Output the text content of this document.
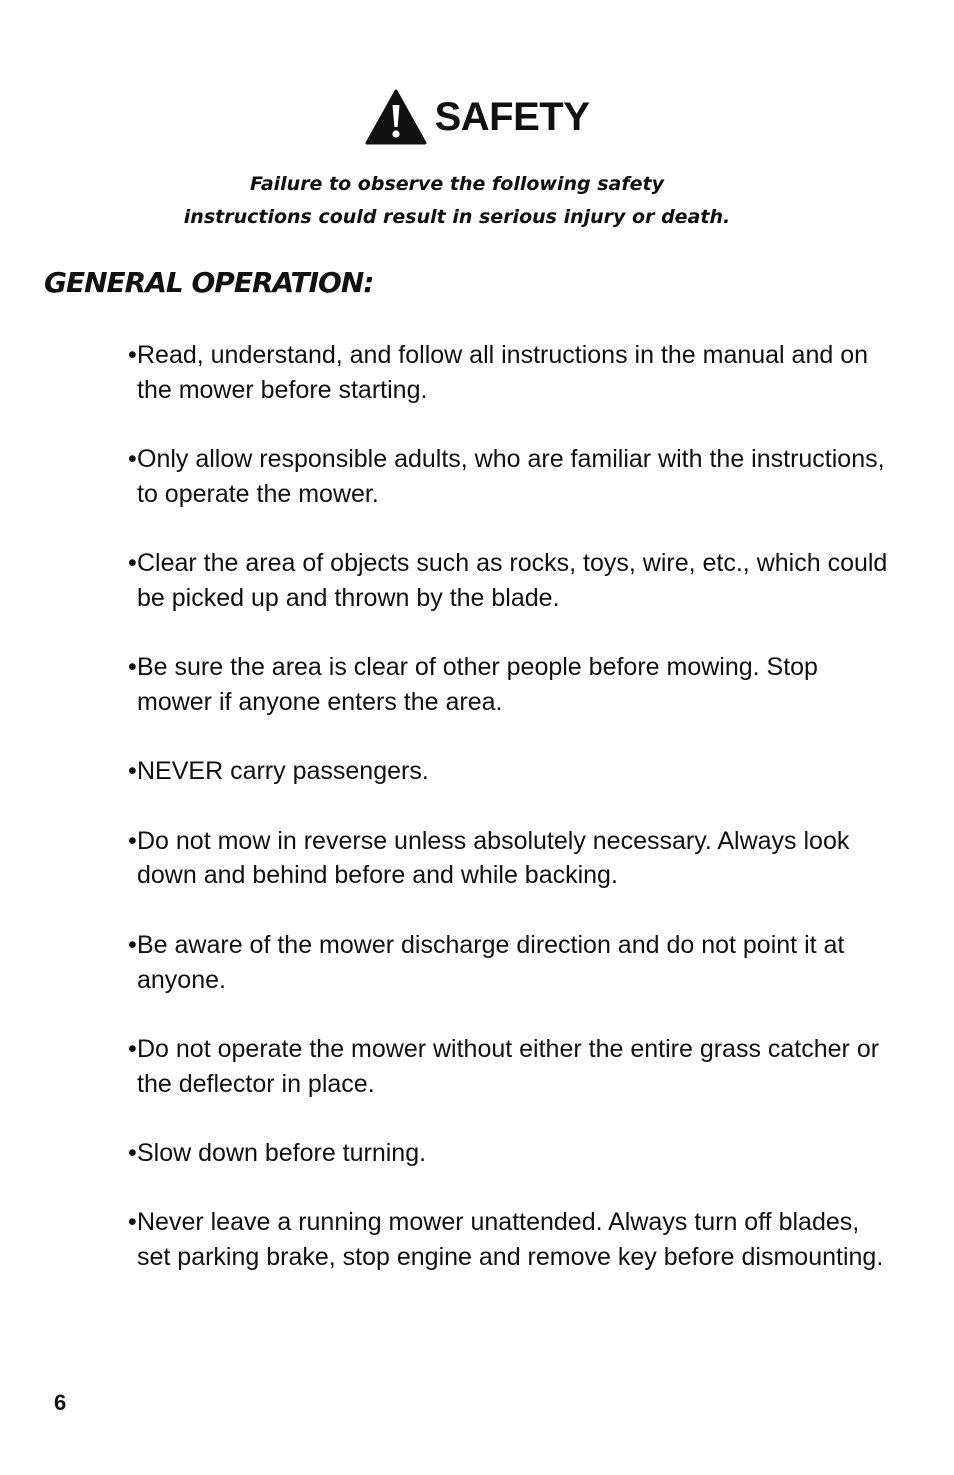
SAFETY
Failure to observe the following safety
instructions could result in serious injury or death.
GENERAL OPERATION:
• Read, understand, and follow all instructions in the manual and on the mower before starting.
• Only allow responsible adults, who are familiar with the instructions, to operate the mower.
• Clear the area of objects such as rocks, toys, wire, etc., which could be picked up and thrown by the blade.
• Be sure the area is clear of other people before mowing. Stop mower if anyone enters the area.
• NEVER carry passengers.
• Do not mow in reverse unless absolutely necessary. Always look down and behind before and while backing.
• Be aware of the mower discharge direction and do not point it at anyone.
• Do not operate the mower without either the entire grass catcher or the deflector in place.
• Slow down before turning.
• Never leave a running mower unattended. Always turn off blades, set parking brake, stop engine and remove key before dismounting.
6
